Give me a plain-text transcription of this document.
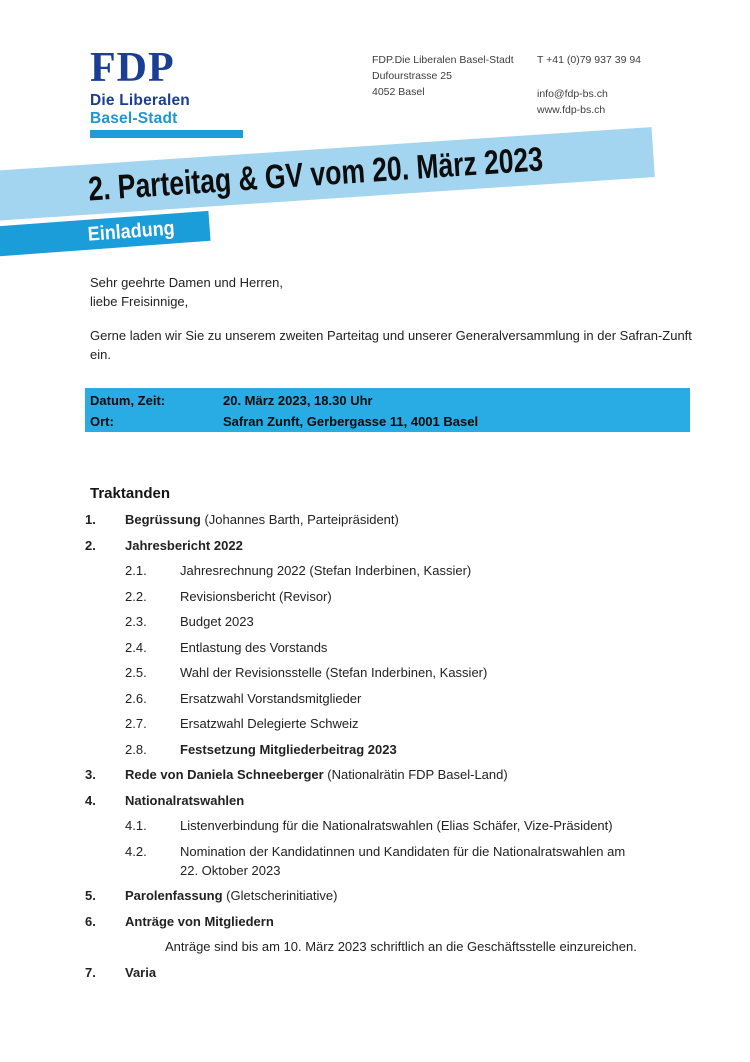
FDP
Die Liberalen
Basel-Stadt
FDP.Die Liberalen Basel-Stadt
Dufourstrasse 25
4052 Basel
T +41 (0)79 937 39 94
info@fdp-bs.ch
www.fdp-bs.ch
2. Parteitag & GV vom 20. März 2023
Einladung
Sehr geehrte Damen und Herren,
liebe Freisinnige,
Gerne laden wir Sie zu unserem zweiten Parteitag und unserer Generalversammlung in der Safran-Zunft
ein.
Datum, Zeit:	20. März 2023, 18.30 Uhr
Ort:	Safran Zunft, Gerbergasse 11, 4001 Basel
Traktanden
1.	Begrüssung (Johannes Barth, Parteipräsident)
2.	Jahresbericht 2022
2.1.	Jahresrechnung 2022 (Stefan Inderbinen, Kassier)
2.2.	Revisionsbericht (Revisor)
2.3.	Budget 2023
2.4.	Entlastung des Vorstands
2.5.	Wahl der Revisionsstelle (Stefan Inderbinen, Kassier)
2.6.	Ersatzwahl Vorstandsmitglieder
2.7.	Ersatzwahl Delegierte Schweiz
2.8.	Festsetzung Mitgliederbeitrag 2023
3.	Rede von Daniela Schneeberger (Nationalrätin FDP Basel-Land)
4.	Nationalratswahlen
4.1.	Listenverbindung für die Nationalratswahlen (Elias Schäfer, Vize-Präsident)
4.2.	Nomination der Kandidatinnen und Kandidaten für die Nationalratswahlen am
22. Oktober 2023
5.	Parolenfassung (Gletscherinitiative)
6.	Anträge von Mitgliedern
Anträge sind bis am 10. März 2023 schriftlich an die Geschäftsstelle einzureichen.
7.	Varia
